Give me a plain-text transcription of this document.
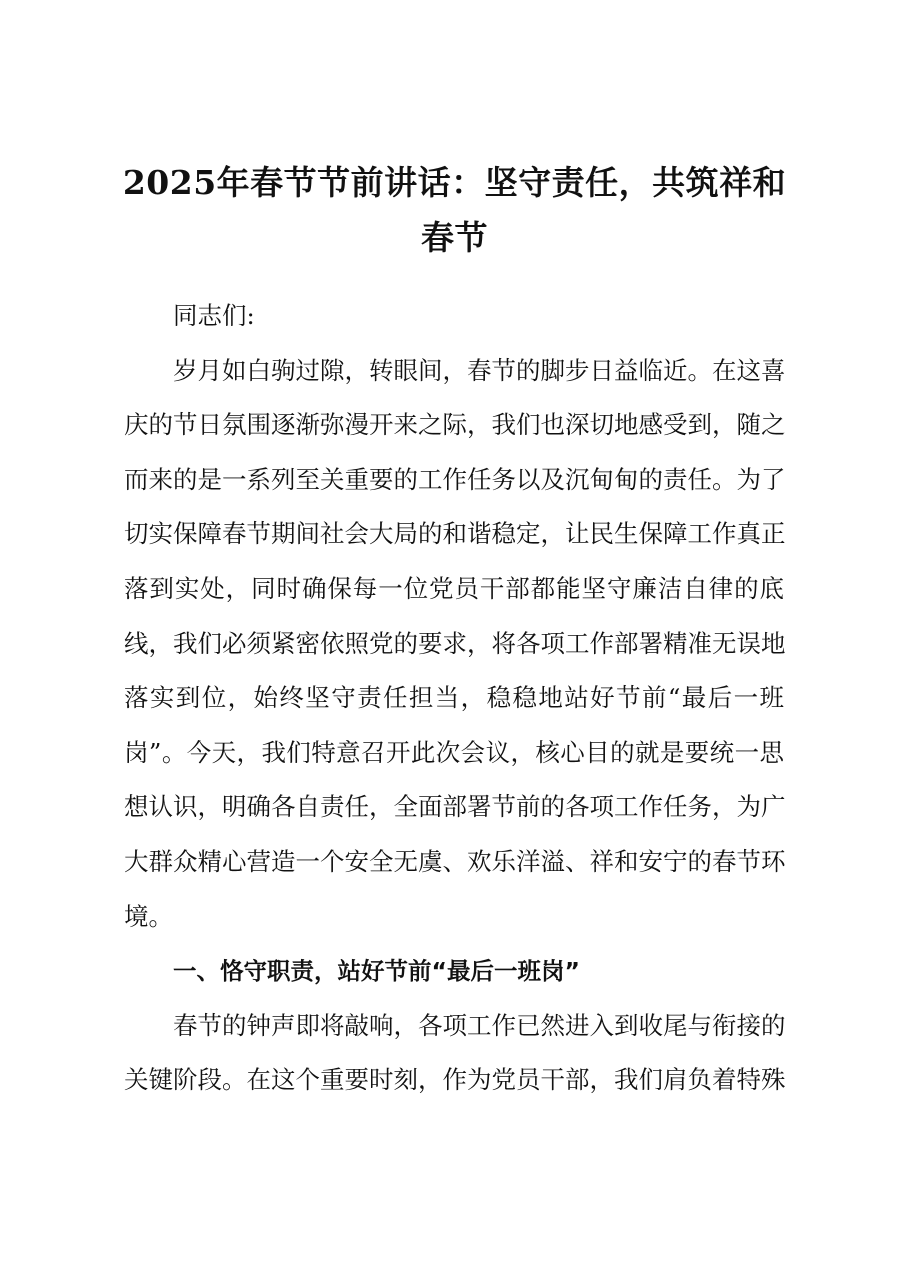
2025年春节节前讲话：坚守责任，共筑祥和
春节
同志们:
岁月如白驹过隙，转眼间，春节的脚步日益临近。在这喜
庆的节日氛围逐渐弥漫开来之际，我们也深切地感受到，随之
而来的是一系列至关重要的工作任务以及沉甸甸的责任。为了
切实保障春节期间社会大局的和谐稳定，让民生保障工作真正
落到实处，同时确保每一位党员干部都能坚守廉洁自律的底
线，我们必须紧密依照党的要求，将各项工作部署精准无误地
落实到位，始终坚守责任担当，稳稳地站好节前“最后一班
岗”。今天，我们特意召开此次会议，核心目的就是要统一思
想认识，明确各自责任，全面部署节前的各项工作任务，为广
大群众精心营造一个安全无虞、欢乐洋溢、祥和安宁的春节环
境。
一、恪守职责，站好节前“最后一班岗”
春节的钟声即将敲响，各项工作已然进入到收尾与衔接的
关键阶段。在这个重要时刻，作为党员干部，我们肩负着特殊
